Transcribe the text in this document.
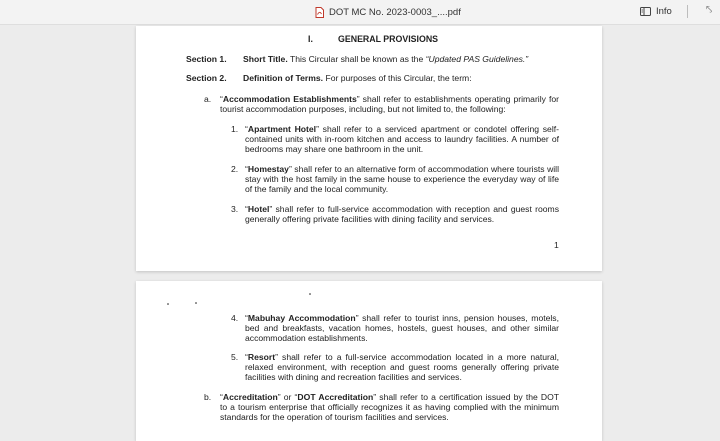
DOT MC No. 2023-0003_....pdf	Info	⤣
I.	GENERAL PROVISIONS
Section 1. Short Title. This Circular shall be known as the “Updated PAS Guidelines.”

Section 2. Definition of Terms. For purposes of this Circular, the term:

a. “Accommodation Establishments” shall refer to establishments operating primarily for tourist accommodation purposes, including, but not limited to, the following:

1. “Apartment Hotel” shall refer to a serviced apartment or condotel offering self-contained units with in-room kitchen and access to laundry facilities. A number of bedrooms may share one bathroom in the unit.

2. “Homestay” shall refer to an alternative form of accommodation where tourists will stay with the host family in the same house to experience the everyday way of life of the family and the local community.

3. “Hotel” shall refer to full-service accommodation with reception and guest rooms generally offering private facilities with dining facility and services.

1
4. “Mabuhay Accommodation” shall refer to tourist inns, pension houses, motels, bed and breakfasts, vacation homes, hostels, guest houses, and other similar accommodation establishments.

5. “Resort” shall refer to a full-service accommodation located in a more natural, relaxed environment, with reception and guest rooms generally offering private facilities with dining and recreation facilities and services.

b. “Accreditation” or “DOT Accreditation” shall refer to a certification issued by the DOT to a tourism enterprise that officially recognizes it as having complied with the minimum standards for the operation of tourism facilities and services.
